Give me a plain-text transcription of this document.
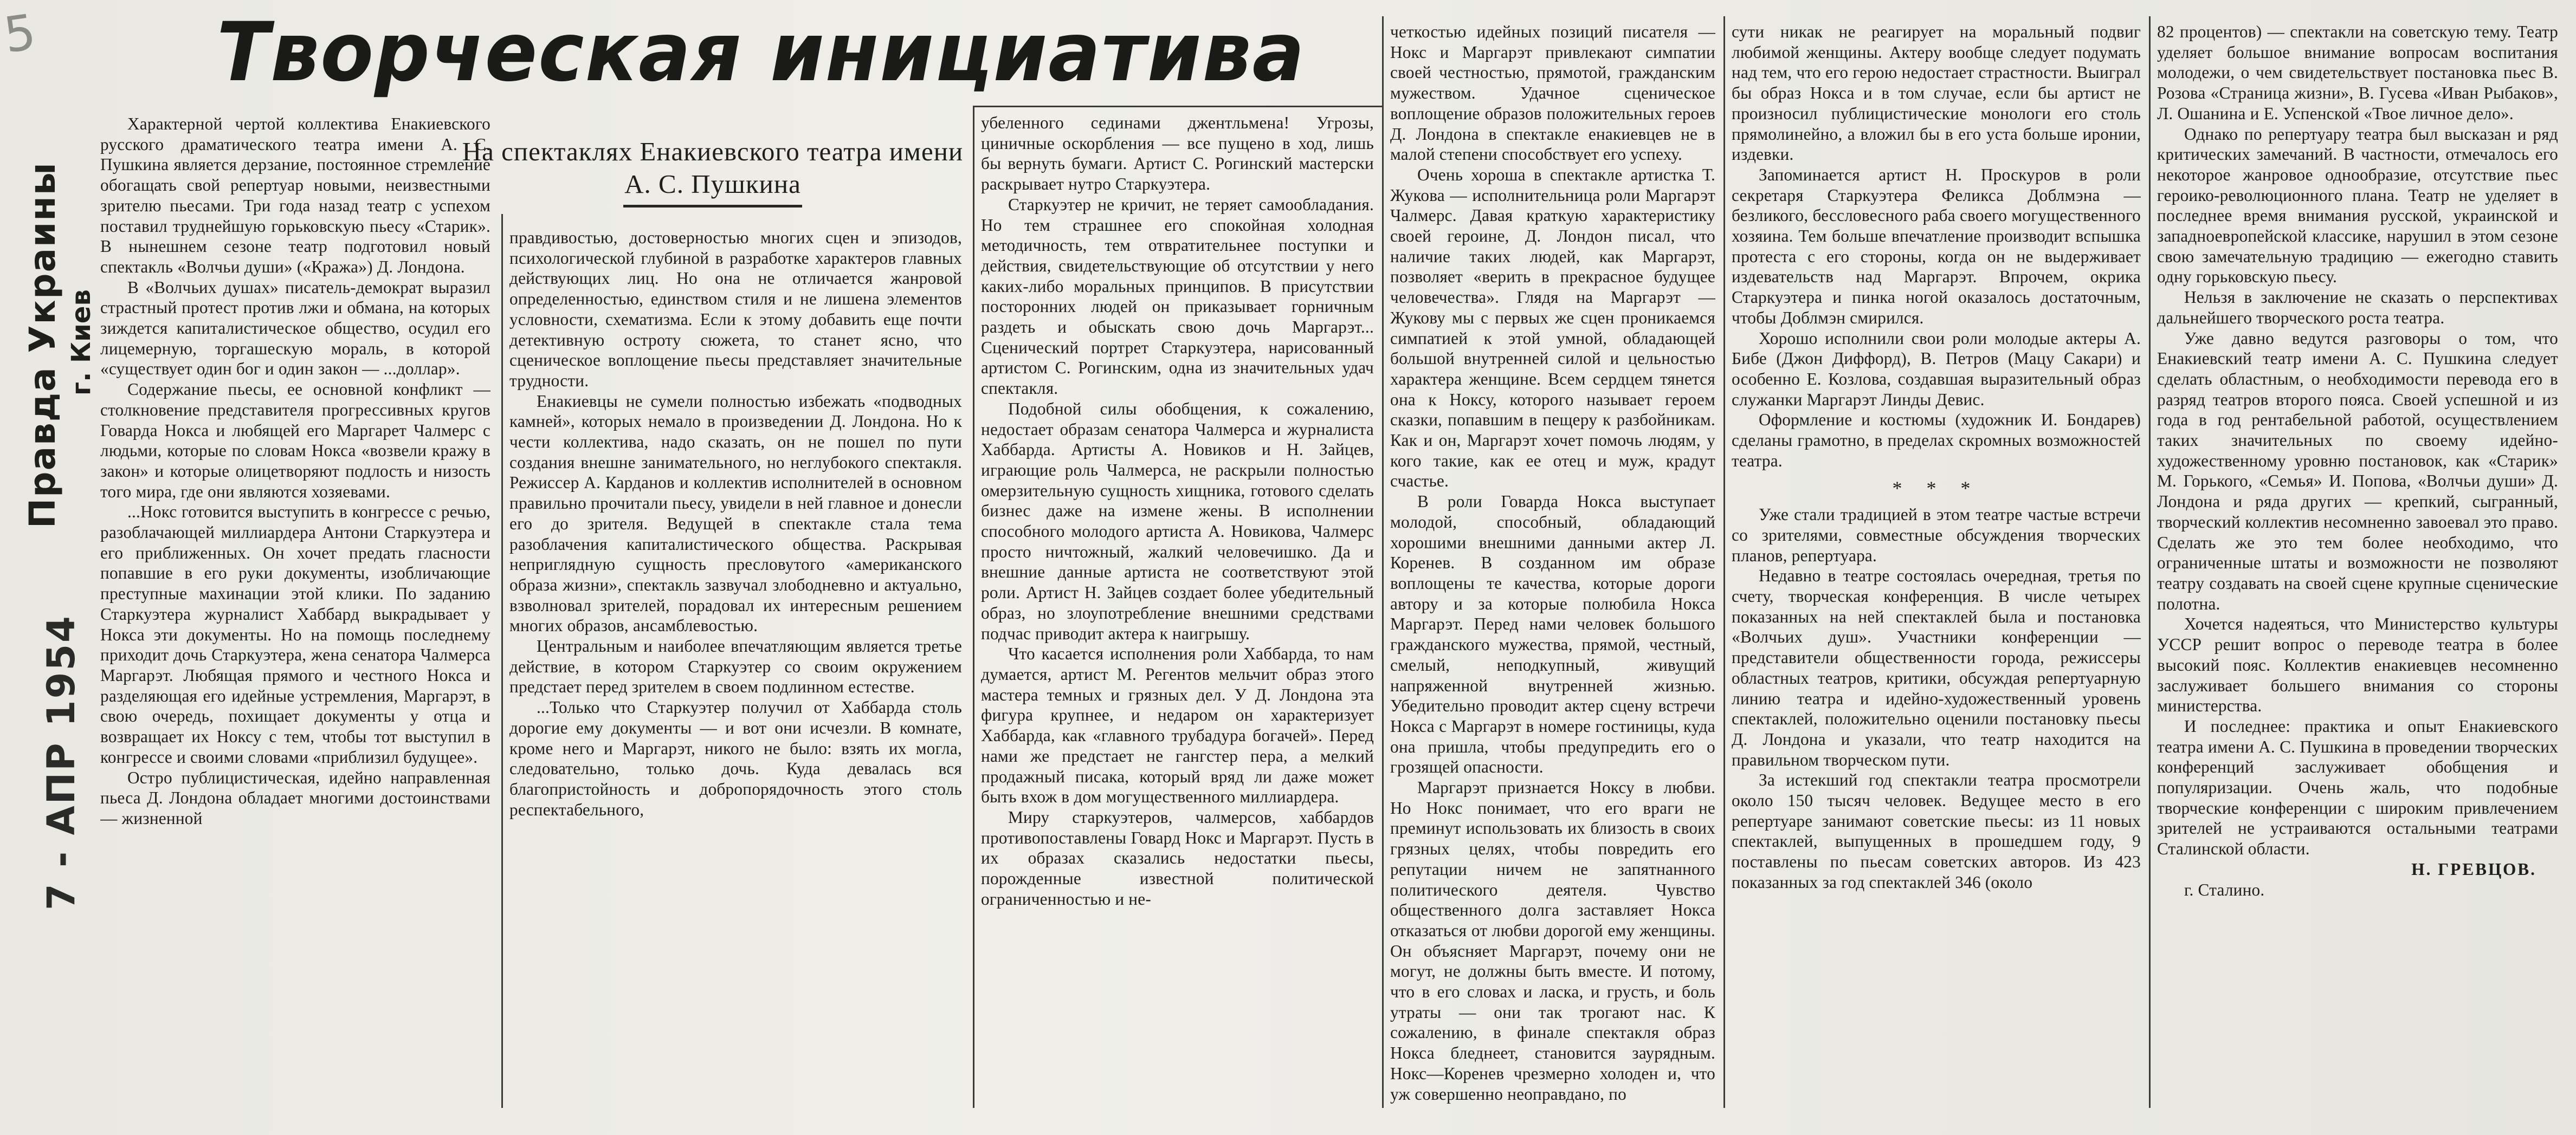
5
Правда Украины г. Киев
7 - АПР 1954
Творческая инициатива
На спектаклях Енакиевского театра имени А. С. Пушкина

Характерной чертой коллектива Енакиевского русского драматического театра имени А. С. Пушкина является дерзание, постоянное стремление обогащать свой репертуар новыми, неизвестными зрителю пьесами. Три года назад театр с успехом поставил труднейшую горьковскую пьесу «Старик». В нынешнем сезоне театр подготовил новый спектакль «Волчьи души» («Кража») Д. Лондона.

В «Волчьих душах» писатель-демократ выразил страстный протест против лжи и обмана, на которых зиждется капиталистическое общество, осудил его лицемерную, торгашескую мораль, в которой «существует один бог и один закон — ...доллар».

Содержание пьесы, ее основной конфликт — столкновение представителя прогрессивных кругов Говарда Нокса и любящей его Маргарет Чалмерс с людьми, которые по словам Нокса «возвели кражу в закон» и которые олицетворяют подлость и низость того мира, где они являются хозяевами.

...Нокс готовится выступить в конгрессе с речью, разоблачающей миллиардера Антони Старкуэтера и его приближенных. Он хочет предать гласности попавшие в его руки документы, изобличающие преступные махинации этой клики. По заданию Старкуэтера журналист Хаббард выкрадывает у Нокса эти документы. Но на помощь последнему приходит дочь Старкуэтера, жена сенатора Чалмерса Маргарэт. Любящая прямого и честного Нокса и разделяющая его идейные устремления, Маргарэт, в свою очередь, похищает документы у отца и возвращает их Ноксу с тем, чтобы тот выступил в конгрессе и своими словами «приблизил будущее».

Остро публицистическая, идейно направленная пьеса Д. Лондона обладает многими достоинствами — жизненной

правдивостью, достоверностью многих сцен и эпизодов, психологической глубиной в разработке характеров главных действующих лиц. Но она не отличается жанровой определенностью, единством стиля и не лишена элементов условности, схематизма. Если к этому добавить еще почти детективную остроту сюжета, то станет ясно, что сценическое воплощение пьесы представляет значительные трудности.

Енакиевцы не сумели полностью избежать «подводных камней», которых немало в произведении Д. Лондона. Но к чести коллектива, надо сказать, он не пошел по пути создания внешне занимательного, но неглубокого спектакля. Режиссер А. Карданов и коллектив исполнителей в основном правильно прочитали пьесу, увидели в ней главное и донесли его до зрителя. Ведущей в спектакле стала тема разоблачения капиталистического общества. Раскрывая неприглядную сущность пресловутого «американского образа жизни», спектакль зазвучал злободневно и актуально, взволновал зрителей, порадовал их интересным решением многих образов, ансамблевостью.

Центральным и наиболее впечатляющим является третье действие, в котором Старкуэтер со своим окружением предстает перед зрителем в своем подлинном естестве.

...Только что Старкуэтер получил от Хаббарда столь дорогие ему документы — и вот они исчезли. В комнате, кроме него и Маргарэт, никого не было: взять их могла, следовательно, только дочь. Куда девалась вся благопристойность и добропорядочность этого столь респектабельного,

убеленного сединами джентльмена! Угрозы, циничные оскорбления — все пущено в ход, лишь бы вернуть бумаги. Артист С. Рогинский мастерски раскрывает нутро Старкуэтера.

Старкуэтер не кричит, не теряет самообладания. Но тем страшнее его спокойная холодная методичность, тем отвратительнее поступки и действия, свидетельствующие об отсутствии у него каких-либо моральных принципов. В присутствии посторонних людей он приказывает горничным раздеть и обыскать свою дочь Маргарэт... Сценический портрет Старкуэтера, нарисованный артистом С. Рогинским, одна из значительных удач спектакля.

Подобной силы обобщения, к сожалению, недостает образам сенатора Чалмерса и журналиста Хаббарда. Артисты А. Новиков и Н. Зайцев, играющие роль Чалмерса, не раскрыли полностью омерзительную сущность хищника, готового сделать бизнес даже на измене жены. В исполнении способного молодого артиста А. Новикова, Чалмерс просто ничтожный, жалкий человечишко. Да и внешние данные артиста не соответствуют этой роли. Артист Н. Зайцев создает более убедительный образ, но злоупотребление внешними средствами подчас приводит актера к наигрышу.

Что касается исполнения роли Хаббарда, то нам думается, артист М. Регентов мельчит образ этого мастера темных и грязных дел. У Д. Лондона эта фигура крупнее, и недаром он характеризует Хаббарда, как «главного трубадура богачей». Перед нами же предстает не гангстер пера, а мелкий продажный писака, который вряд ли даже может быть вхож в дом могущественного миллиардера.

Миру старкуэтеров, чалмерсов, хаббардов противопоставлены Говард Нокс и Маргарэт. Пусть в их образах сказались недостатки пьесы, порожденные известной политической ограниченностью и не-

четкостью идейных позиций писателя — Нокс и Маргарэт привлекают симпатии своей честностью, прямотой, гражданским мужеством. Удачное сценическое воплощение образов положительных героев Д. Лондона в спектакле енакиевцев не в малой степени способствует его успеху.

Очень хороша в спектакле артистка Т. Жукова — исполнительница роли Маргарэт Чалмерс. Давая краткую характеристику своей героине, Д. Лондон писал, что наличие таких людей, как Маргарэт, позволяет «верить в прекрасное будущее человечества». Глядя на Маргарэт — Жукову мы с первых же сцен проникаемся симпатией к этой умной, обладающей большой внутренней силой и цельностью характера женщине. Всем сердцем тянется она к Ноксу, которого называет героем сказки, попавшим в пещеру к разбойникам. Как и он, Маргарэт хочет помочь людям, у кого такие, как ее отец и муж, крадут счастье.

В роли Говарда Нокса выступает молодой, способный, обладающий хорошими внешними данными актер Л. Коренев. В созданном им образе воплощены те качества, которые дороги автору и за которые полюбила Нокса Маргарэт. Перед нами человек большого гражданского мужества, прямой, честный, смелый, неподкупный, живущий напряженной внутренней жизнью. Убедительно проводит актер сцену встречи Нокса с Маргарэт в номере гостиницы, куда она пришла, чтобы предупредить его о грозящей опасности.

Маргарэт признается Ноксу в любви. Но Нокс понимает, что его враги не преминут использовать их близость в своих грязных целях, чтобы повредить его репутации ничем не запятнанного политического деятеля. Чувство общественного долга заставляет Нокса отказаться от любви дорогой ему женщины. Он объясняет Маргарэт, почему они не могут, не должны быть вместе. И потому, что в его словах и ласка, и грусть, и боль утраты — они так трогают нас. К сожалению, в финале спектакля образ Нокса бледнеет, становится заурядным. Нокс—Коренев чрезмерно холоден и, что уж совершенно неоправдано, по

сути никак не реагирует на моральный подвиг любимой женщины. Актеру вообще следует подумать над тем, что его герою недостает страстности. Выиграл бы образ Нокса и в том случае, если бы артист не произносил публицистические монологи его столь прямолинейно, а вложил бы в его уста больше иронии, издевки.

Запоминается артист Н. Проскуров в роли секретаря Старкуэтера Феликса Доблмэна — безликого, бессловесного раба своего могущественного хозяина. Тем больше впечатление производит вспышка протеста с его стороны, когда он не выдерживает издевательств над Маргарэт. Впрочем, окрика Старкуэтера и пинка ногой оказалось достаточным, чтобы Доблмэн смирился.

Хорошо исполнили свои роли молодые актеры А. Бибе (Джон Диффорд), В. Петров (Мацу Сакари) и особенно Е. Козлова, создавшая выразительный образ служанки Маргарэт Линды Девис.

Оформление и костюмы (художник И. Бондарев) сделаны грамотно, в пределах скромных возможностей театра.

* * *

Уже стали традицией в этом театре частые встречи со зрителями, совместные обсуждения творческих планов, репертуара.

Недавно в театре состоялась очередная, третья по счету, творческая конференция. В числе четырех показанных на ней спектаклей была и постановка «Волчьих душ». Участники конференции — представители общественности города, режиссеры областных театров, критики, обсуждая репертуарную линию театра и идейно-художественный уровень спектаклей, положительно оценили постановку пьесы Д. Лондона и указали, что театр находится на правильном творческом пути.

За истекший год спектакли театра просмотрели около 150 тысяч человек. Ведущее место в его репертуаре занимают советские пьесы: из 11 новых спектаклей, выпущенных в прошедшем году, 9 поставлены по пьесам советских авторов. Из 423 показанных за год спектаклей 346 (около

82 процентов) — спектакли на советскую тему. Театр уделяет большое внимание вопросам воспитания молодежи, о чем свидетельствует постановка пьес В. Розова «Страница жизни», В. Гусева «Иван Рыбаков», Л. Ошанина и Е. Успенской «Твое личное дело».

Однако по репертуару театра был высказан и ряд критических замечаний. В частности, отмечалось его некоторое жанровое однообразие, отсутствие пьес героико-революционного плана. Театр не уделяет в последнее время внимания русской, украинской и западноевропейской классике, нарушил в этом сезоне свою замечательную традицию — ежегодно ставить одну горьковскую пьесу.

Нельзя в заключение не сказать о перспективах дальнейшего творческого роста театра.

Уже давно ведутся разговоры о том, что Енакиевский театр имени А. С. Пушкина следует сделать областным, о необходимости перевода его в разряд театров второго пояса. Своей успешной и из года в год рентабельной работой, осуществлением таких значительных по своему идейно-художественному уровню постановок, как «Старик» М. Горького, «Семья» И. Попова, «Волчьи души» Д. Лондона и ряда других — крепкий, сыгранный, творческий коллектив несомненно завоевал это право. Сделать же это тем более необходимо, что ограниченные штаты и возможности не позволяют театру создавать на своей сцене крупные сценические полотна.

Хочется надеяться, что Министерство культуры УССР решит вопрос о переводе театра в более высокий пояс. Коллектив енакиевцев несомненно заслуживает большего внимания со стороны министерства.

И последнее: практика и опыт Енакиевского театра имени А. С. Пушкина в проведении творческих конференций заслуживает обобщения и популяризации. Очень жаль, что подобные творческие конференции с широким привлечением зрителей не устраиваются остальными театрами Сталинской области.

Н. ГРЕВЦОВ.
г. Сталино.
